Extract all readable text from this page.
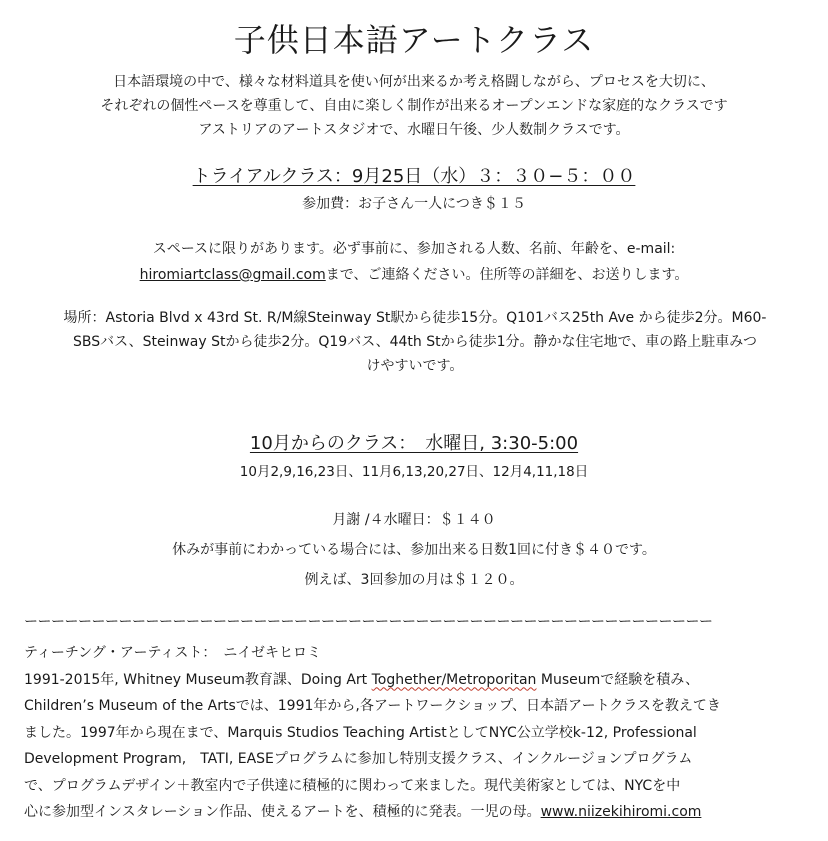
子供日本語アートクラス
日本語環境の中で、様々な材料道具を使い何が出来るか考え格闘しながら、プロセスを大切に、
それぞれの個性ペースを尊重して、自由に楽しく制作が出来るオープンエンドな家庭的なクラスです
アストリアのアートスタジオで、水曜日午後、少人数制クラスです。
トライアルクラス：9月25日（水）３：３０−５：００
参加費：お子さん一人につき＄１５
スペースに限りがあります。必ず事前に、参加される人数、名前、年齢を、e-mail:
hiromiartclass@gmail.comまで、ご連絡ください。住所等の詳細を、お送りします。
場所：Astoria Blvd x 43rd St. R/M線Steinway St駅から徒歩15分。Q101バス25th Ave から徒歩2分。M60-
SBSバス、Steinway Stから徒歩2分。Q19バス、44th Stから徒歩1分。静かな住宅地で、車の路上駐車みつ
けやすいです。
10月からのクラス：　水曜日, 3:30-5:00
10月2,9,16,23日、11月6,13,20,27日、12月4,11,18日
月謝 /４水曜日：＄１４０
休みが事前にわかっている場合には、参加出来る日数1回に付き＄４０です。
例えば、3回参加の月は＄１２０。
ーーーーーーーーーーーーーーーーーーーーーーーーーーーーーーーーーーーーーーーーーーーーーーーーーーー
ティーチング・アーティスト：　ニイゼキヒロミ
1991-2015年, Whitney Museum教育課、Doing Art Toghether/Metroporitan Museumで経験を積み、
Children’s Museum of the Artsでは、1991年から,各アートワークショップ、日本語アートクラスを教えてき
ました。1997年から現在まで、Marquis Studios Teaching ArtistとしてNYC公立学校k-12, Professional
Development Program,　TATI, EASEプログラムに参加し特別支援クラス、インクルージョンプログラム
で、プログラムデザイン＋教室内で子供達に積極的に関わって来ました。現代美術家としては、NYCを中
心に参加型インスタレーション作品、使えるアートを、積極的に発表。一児の母。www.niizekihiromi.com
